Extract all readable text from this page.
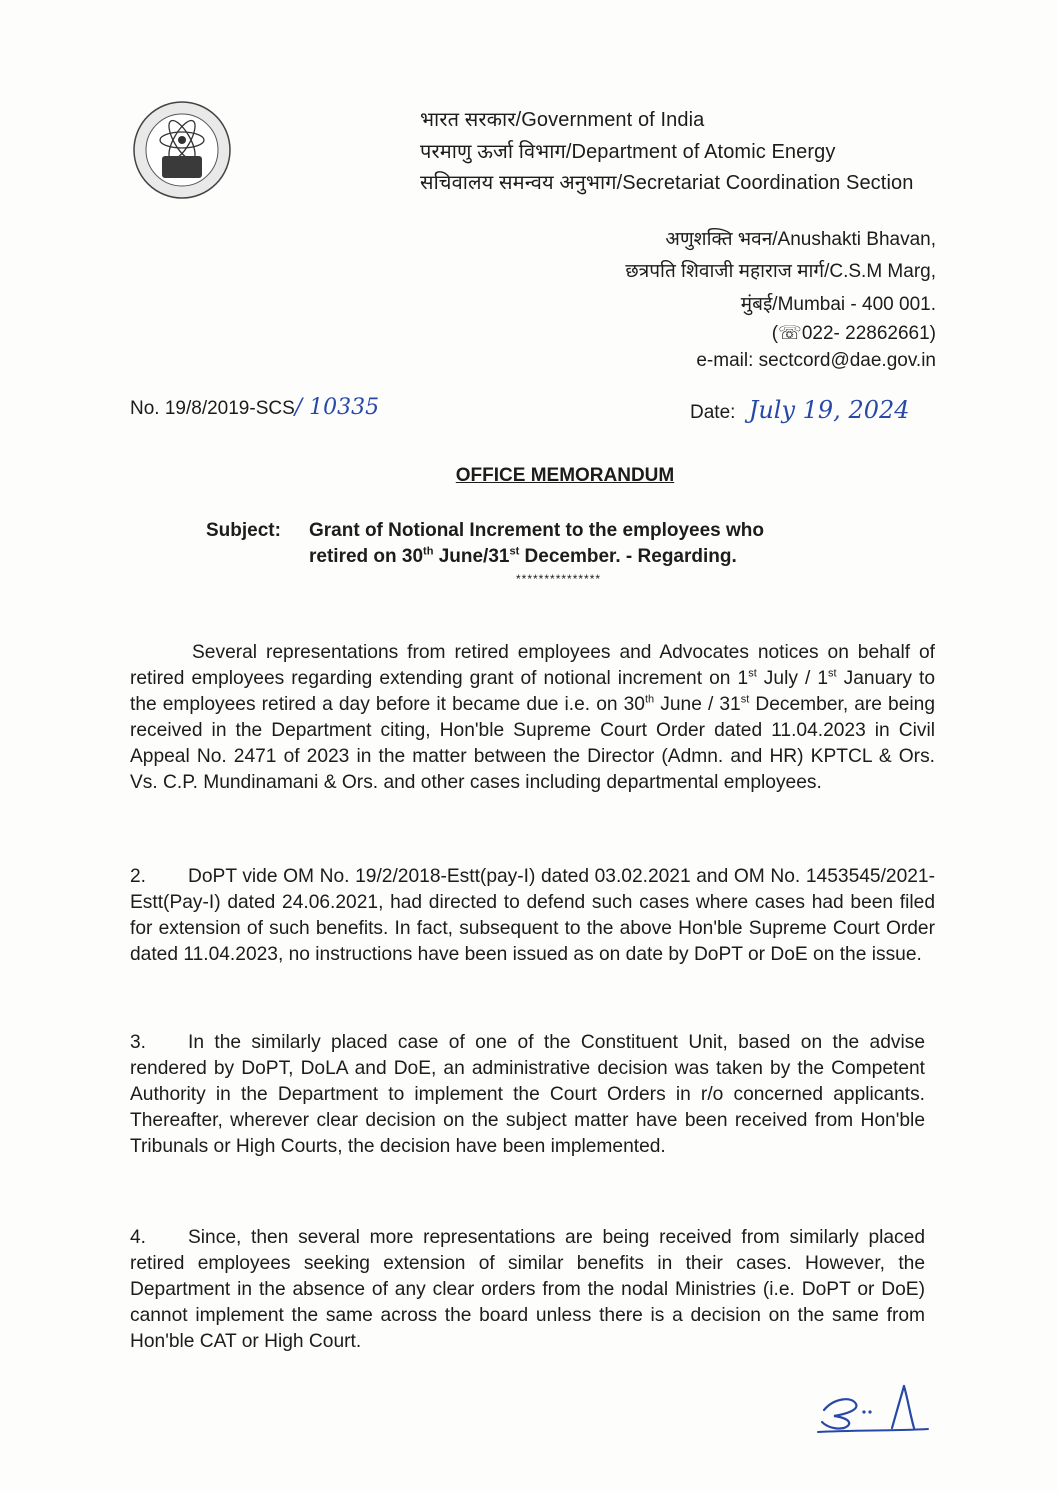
भारत सरकार/Government of India
परमाणु ऊर्जा विभाग/Department of Atomic Energy
सचिवालय समन्वय अनुभाग/Secretariat Coordination Section
अणुशक्ति भवन/Anushakti Bhavan,
छत्रपति शिवाजी महाराज मार्ग/C.S.M Marg,
मुंबई/Mumbai - 400 001.
(☏022- 22862661)
e-mail: sectcord@dae.gov.in
No. 19/8/2019-SCS/ 10335	Date: July 19, 2024
OFFICE MEMORANDUM
Subject: Grant of Notional Increment to the employees who
retired on 30th June/31st December. - Regarding.
***************
Several representations from retired employees and Advocates notices on behalf of retired employees regarding extending grant of notional increment on 1st July / 1st January to the employees retired a day before it became due i.e. on 30th June / 31st December, are being received in the Department citing, Hon'ble Supreme Court Order dated 11.04.2023 in Civil Appeal No. 2471 of 2023 in the matter between the Director (Admn. and HR) KPTCL & Ors. Vs. C.P. Mundinamani & Ors. and other cases including departmental employees.
2. DoPT vide OM No. 19/2/2018-Estt(pay-I) dated 03.02.2021 and OM No. 1453545/2021-Estt(Pay-I) dated 24.06.2021, had directed to defend such cases where cases had been filed for extension of such benefits. In fact, subsequent to the above Hon'ble Supreme Court Order dated 11.04.2023, no instructions have been issued as on date by DoPT or DoE on the issue.
3. In the similarly placed case of one of the Constituent Unit, based on the advise rendered by DoPT, DoLA and DoE, an administrative decision was taken by the Competent Authority in the Department to implement the Court Orders in r/o concerned applicants. Thereafter, wherever clear decision on the subject matter have been received from Hon'ble Tribunals or High Courts, the decision have been implemented.
4. Since, then several more representations are being received from similarly placed retired employees seeking extension of similar benefits in their cases. However, the Department in the absence of any clear orders from the nodal Ministries (i.e. DoPT or DoE) cannot implement the same across the board unless there is a decision on the same from Hon'ble CAT or High Court.
